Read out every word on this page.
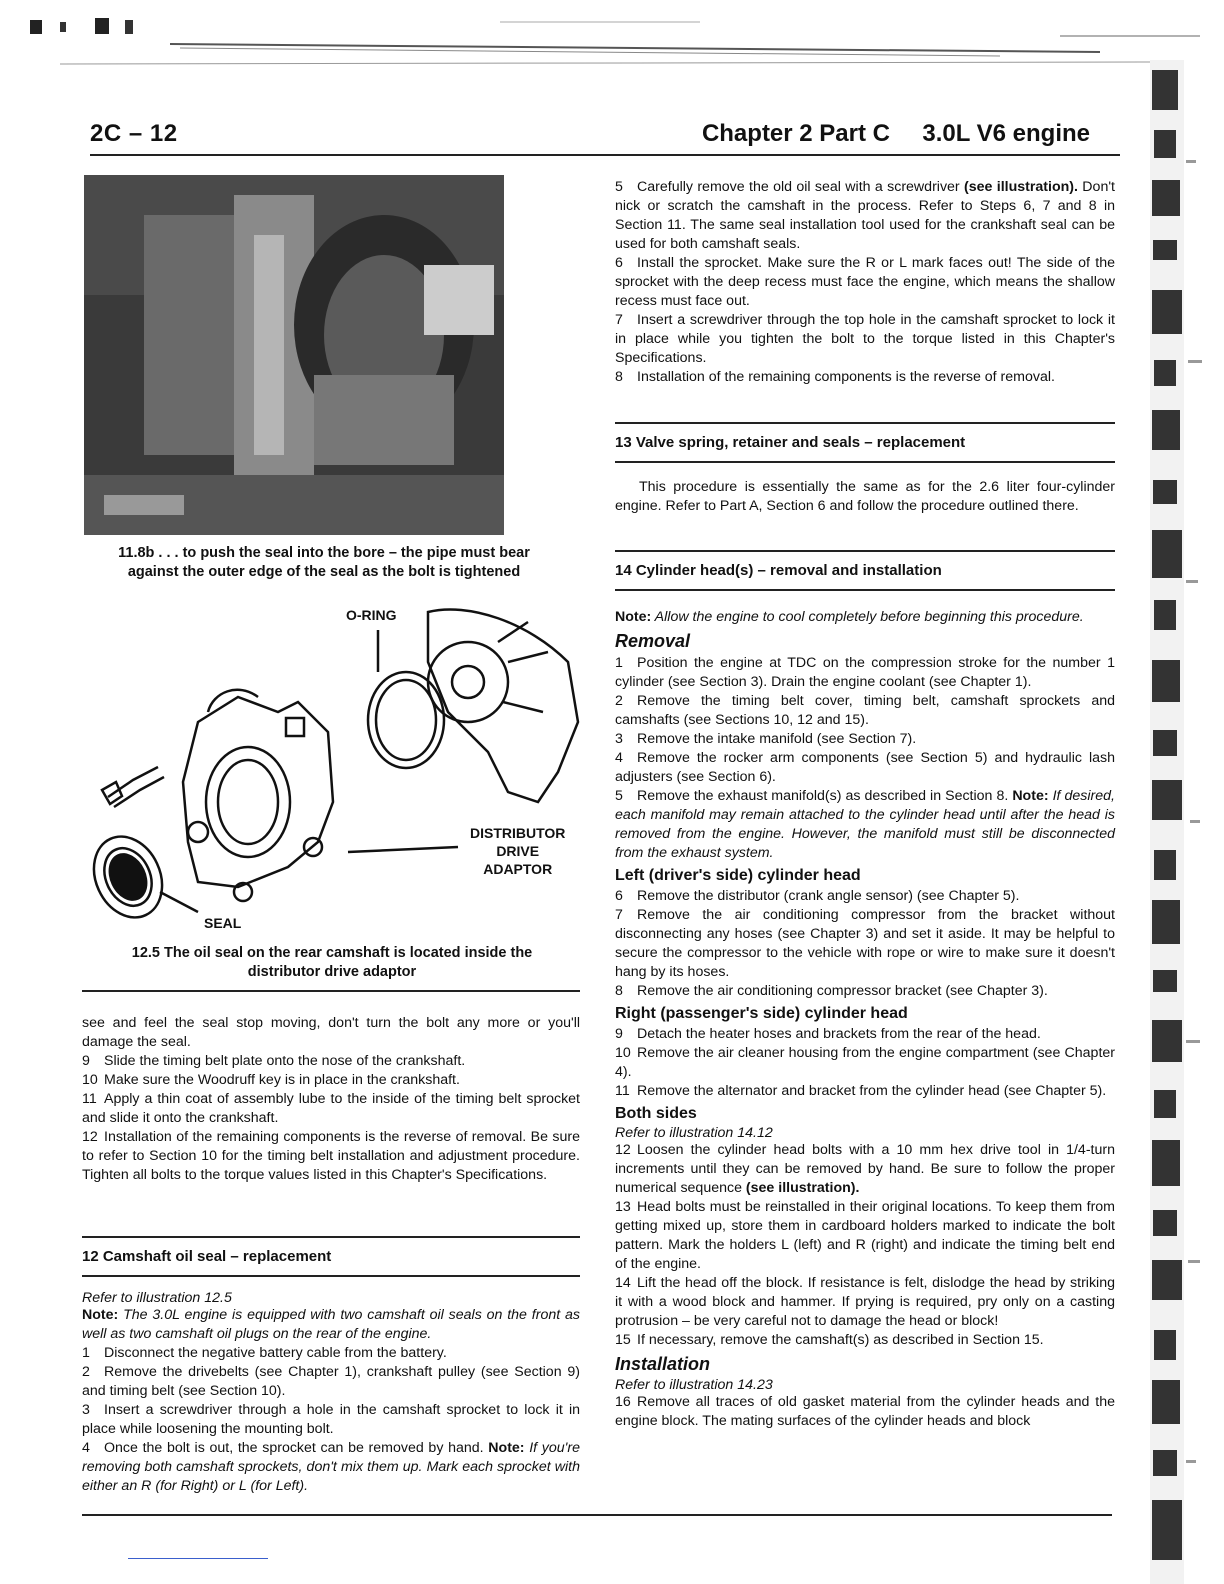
2C – 12	Chapter 2 Part C 3.0L V6 engine
11.8b . . . to push the seal into the bore – the pipe must bear
against the outer edge of the seal as the bolt is tightened
O-RING
DISTRIBUTOR
DRIVE
ADAPTOR
SEAL
12.5 The oil seal on the rear camshaft is located inside the
distributor drive adaptor

see and feel the seal stop moving, don't turn the bolt any more or you'll damage the seal.

9 Slide the timing belt plate onto the nose of the crankshaft.

10 Make sure the Woodruff key is in place in the crankshaft.

11 Apply a thin coat of assembly lube to the inside of the timing belt sprocket and slide it onto the crankshaft.

12 Installation of the remaining components is the reverse of removal. Be sure to refer to Section 10 for the timing belt installation and adjustment procedure. Tighten all bolts to the torque values listed in this Chapter's Specifications.

12 Camshaft oil seal – replacement

Refer to illustration 12.5

Note: The 3.0L engine is equipped with two camshaft oil seals on the front as well as two camshaft oil plugs on the rear of the engine.

1 Disconnect the negative battery cable from the battery.

2 Remove the drivebelts (see Chapter 1), crankshaft pulley (see Section 9) and timing belt (see Section 10).

3 Insert a screwdriver through a hole in the camshaft sprocket to lock it in place while loosening the mounting bolt.

4 Once the bolt is out, the sprocket can be removed by hand. Note: If you're removing both camshaft sprockets, don't mix them up. Mark each sprocket with either an R (for Right) or L (for Left).

5 Carefully remove the old oil seal with a screwdriver (see illustration). Don't nick or scratch the camshaft in the process. Refer to Steps 6, 7 and 8 in Section 11. The same seal installation tool used for the crankshaft seal can be used for both camshaft seals.

6 Install the sprocket. Make sure the R or L mark faces out! The side of the sprocket with the deep recess must face the engine, which means the shallow recess must face out.

7 Insert a screwdriver through the top hole in the camshaft sprocket to lock it in place while you tighten the bolt to the torque listed in this Chapter's Specifications.

8 Installation of the remaining components is the reverse of removal.

13 Valve spring, retainer and seals – replacement

This procedure is essentially the same as for the 2.6 liter four-cylinder engine. Refer to Part A, Section 6 and follow the procedure outlined there.

14 Cylinder head(s) – removal and installation

Note: Allow the engine to cool completely before beginning this procedure.

Removal

1 Position the engine at TDC on the compression stroke for the number 1 cylinder (see Section 3). Drain the engine coolant (see Chapter 1).

2 Remove the timing belt cover, timing belt, camshaft sprockets and camshafts (see Sections 10, 12 and 15).

3 Remove the intake manifold (see Section 7).

4 Remove the rocker arm components (see Section 5) and hydraulic lash adjusters (see Section 6).

5 Remove the exhaust manifold(s) as described in Section 8. Note: If desired, each manifold may remain attached to the cylinder head until after the head is removed from the engine. However, the manifold must still be disconnected from the exhaust system.

Left (driver's side) cylinder head

6 Remove the distributor (crank angle sensor) (see Chapter 5).

7 Remove the air conditioning compressor from the bracket without disconnecting any hoses (see Chapter 3) and set it aside. It may be helpful to secure the compressor to the vehicle with rope or wire to make sure it doesn't hang by its hoses.

8 Remove the air conditioning compressor bracket (see Chapter 3).

Right (passenger's side) cylinder head

9 Detach the heater hoses and brackets from the rear of the head.

10 Remove the air cleaner housing from the engine compartment (see Chapter 4).

11 Remove the alternator and bracket from the cylinder head (see Chapter 5).

Both sides

Refer to illustration 14.12

12 Loosen the cylinder head bolts with a 10 mm hex drive tool in 1/4-turn increments until they can be removed by hand. Be sure to follow the proper numerical sequence (see illustration).

13 Head bolts must be reinstalled in their original locations. To keep them from getting mixed up, store them in cardboard holders marked to indicate the bolt pattern. Mark the holders L (left) and R (right) and indicate the timing belt end of the engine.

14 Lift the head off the block. If resistance is felt, dislodge the head by striking it with a wood block and hammer. If prying is required, pry only on a casting protrusion – be very careful not to damage the head or block!

15 If necessary, remove the camshaft(s) as described in Section 15.

Installation

Refer to illustration 14.23

16 Remove all traces of old gasket material from the cylinder heads and the engine block. The mating surfaces of the cylinder heads and block
